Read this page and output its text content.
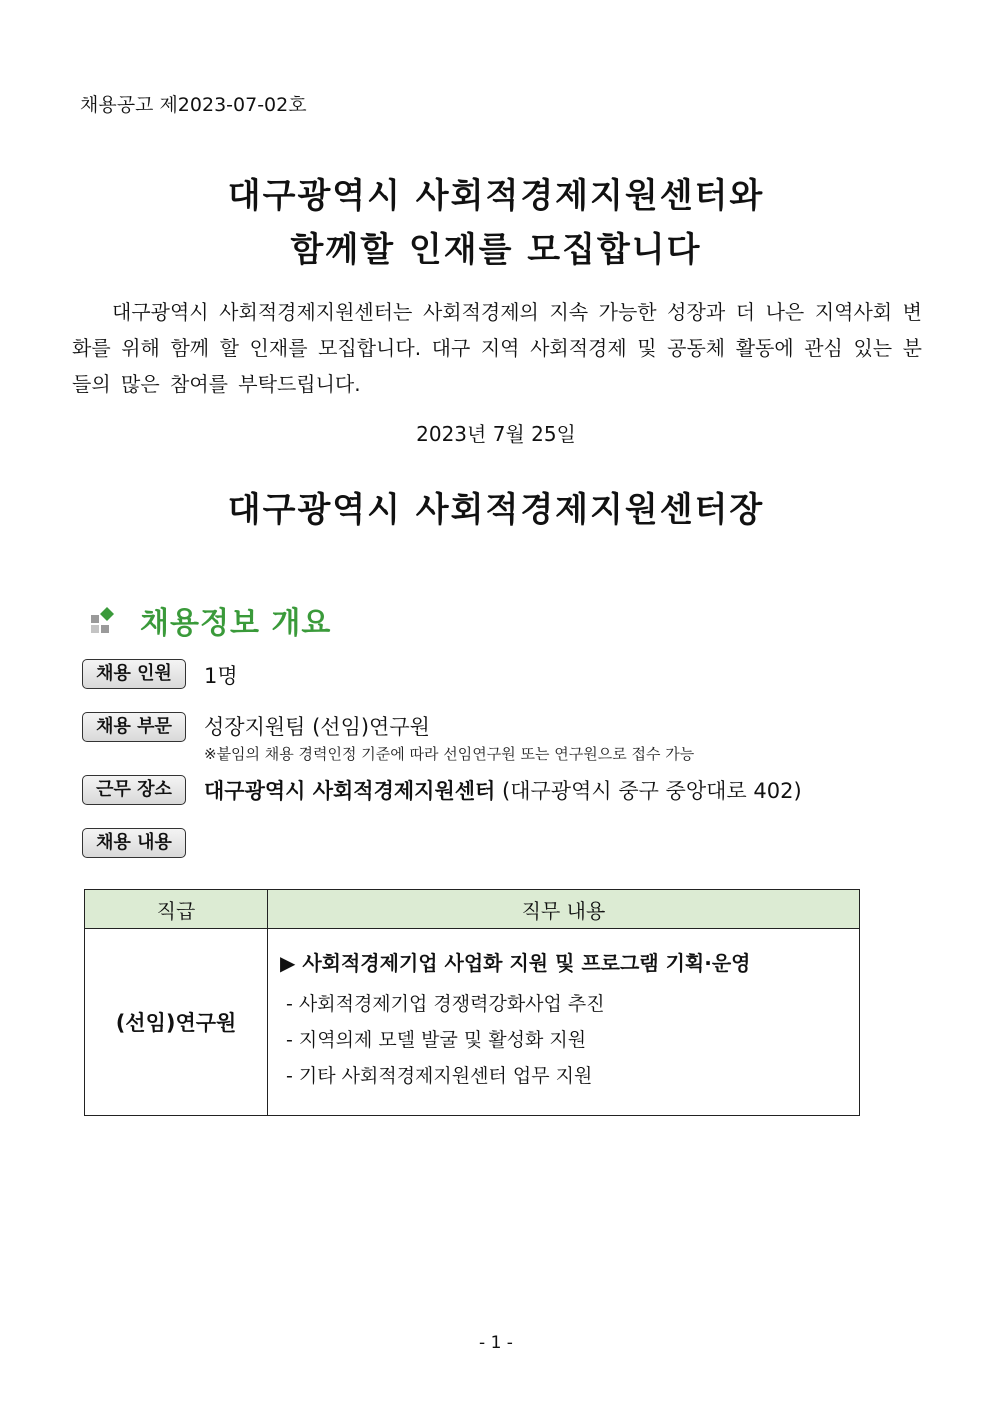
채용공고 제2023-07-02호
대구광역시 사회적경제지원센터와
함께할 인재를 모집합니다
대구광역시 사회적경제지원센터는 사회적경제의 지속 가능한 성장과 더 나은 지역사회 변화를 위해 함께 할 인재를 모집합니다. 대구 지역 사회적경제 및 공동체 활동에 관심 있는 분들의 많은 참여를 부탁드립니다.
2023년 7월 25일
대구광역시 사회적경제지원센터장
채용정보 개요
채용 인원	1명
채용 부문	성장지원팀 (선임)연구원
※붙임의 채용 경력인정 기준에 따라 선임연구원 또는 연구원으로 접수 가능
근무 장소	대구광역시 사회적경제지원센터 (대구광역시 중구 중앙대로 402)
채용 내용
직급	직무 내용
(선임)연구원	▶ 사회적경제기업 사업화 지원 및 프로그램 기획·운영
- 사회적경제기업 경쟁력강화사업 추진
- 지역의제 모델 발굴 및 활성화 지원
- 기타 사회적경제지원센터 업무 지원
- 1 -
